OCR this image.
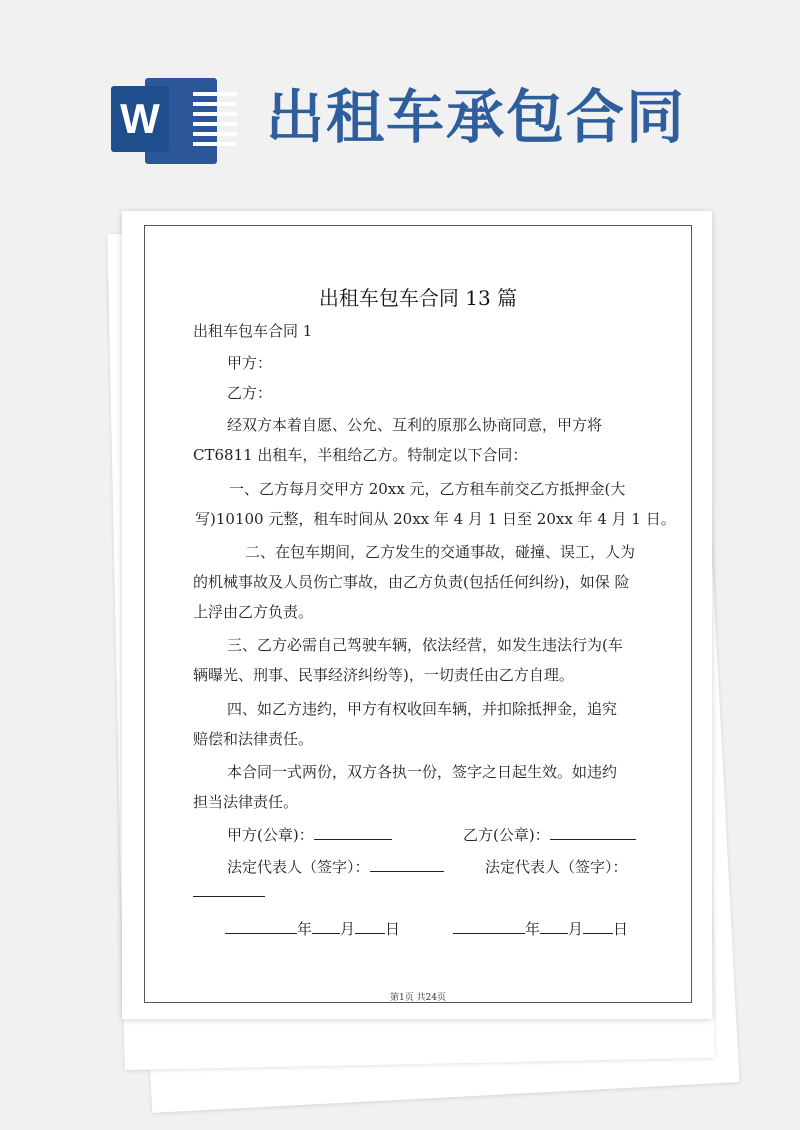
W 出租车承包合同
出租车包车合同 13 篇
出租车包车合同 1
甲方：
乙方：
经双方本着自愿、公允、互利的原那么协商同意，甲方将
CT6811 出租车，半租给乙方。特制定以下合同：
一、乙方每月交甲方 20xx 元，乙方租车前交乙方抵押金(大
写)10100 元整，租车时间从 20xx 年 4 月 1 日至 20xx 年 4 月 1 日。
二、在包车期间，乙方发生的交通事故，碰撞、误工，人为
的机械事故及人员伤亡事故，由乙方负责(包括任何纠纷)，如保 险
上浮由乙方负责。
三、乙方必需自己驾驶车辆，依法经营，如发生违法行为(车
辆曝光、刑事、民事经济纠纷等)，一切责任由乙方自理。
四、如乙方违约，甲方有权收回车辆，并扣除抵押金，追究
赔偿和法律责任。
本合同一式两份，双方各执一份，签字之日起生效。如违约
担当法律责任。
甲方(公章)：	乙方(公章)：
法定代表人（签字）：	法定代表人（签字）：
年 月 日	年 月 日
第1页 共24页
